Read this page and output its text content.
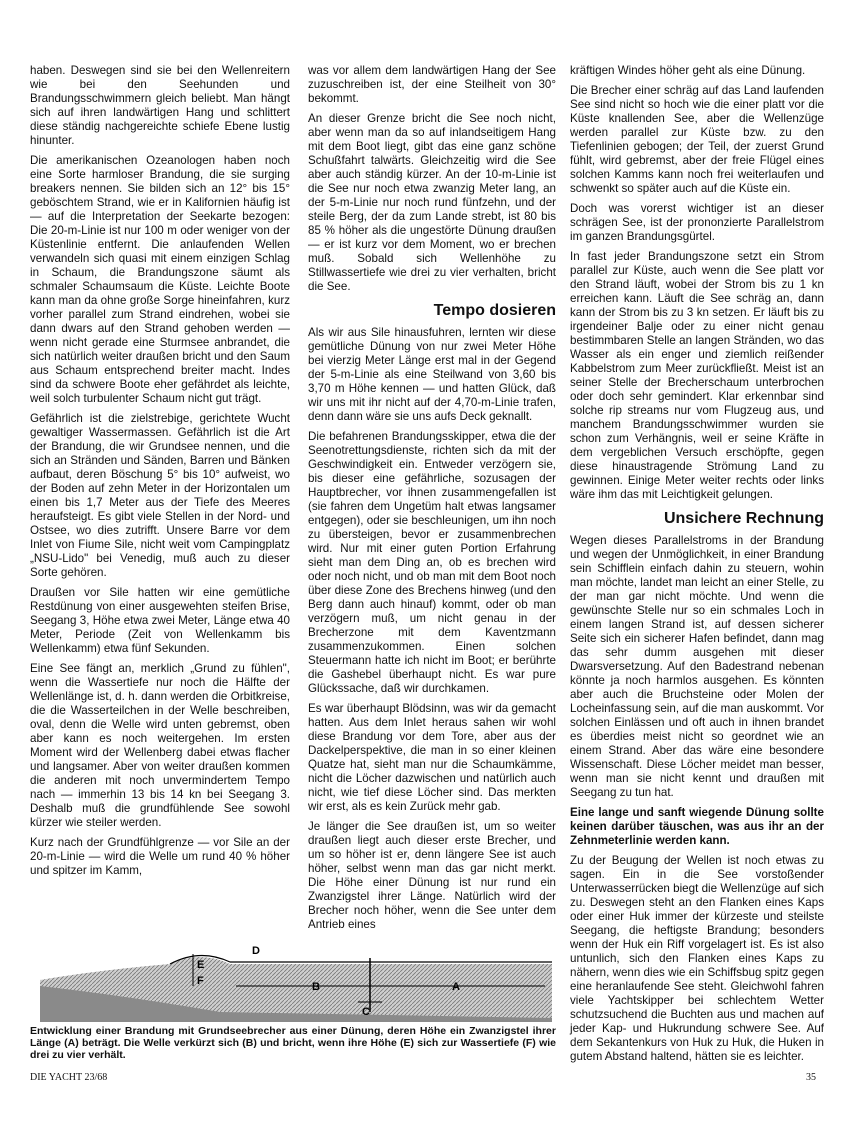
haben. Deswegen sind sie bei den Wellenreitern wie bei den Seehunden und Brandungsschwimmern gleich beliebt. Man hängt sich auf ihren landwärtigen Hang und schlittert diese ständig nachgereichte schiefe Ebene lustig hinunter.

Die amerikanischen Ozeanologen haben noch eine Sorte harmloser Brandung, die sie surging breakers nennen. Sie bilden sich an 12° bis 15° geböschtem Strand, wie er in Kalifornien häufig ist — auf die Interpretation der Seekarte bezogen: Die 20-m-Linie ist nur 100 m oder weniger von der Küstenlinie entfernt. Die anlaufenden Wellen verwandeln sich quasi mit einem einzigen Schlag in Schaum, die Brandungszone säumt als schmaler Schaumsaum die Küste. Leichte Boote kann man da ohne große Sorge hineinfahren, kurz vorher parallel zum Strand eindrehen, wobei sie dann dwars auf den Strand gehoben werden — wenn nicht gerade eine Sturmsee anbrandet, die sich natürlich weiter draußen bricht und den Saum aus Schaum entsprechend breiter macht. Indes sind da schwere Boote eher gefährdet als leichte, weil solch turbulenter Schaum nicht gut trägt.

Gefährlich ist die zielstrebige, gerichtete Wucht gewaltiger Wassermassen. Gefährlich ist die Art der Brandung, die wir Grundsee nennen, und die sich an Stränden und Sänden, Barren und Bänken aufbaut, deren Böschung 5° bis 10° aufweist, wo der Boden auf zehn Meter in der Horizontalen um einen bis 1,7 Meter aus der Tiefe des Meeres heraufsteigt. Es gibt viele Stellen in der Nord- und Ostsee, wo dies zutrifft. Unsere Barre vor dem Inlet von Fiume Sile, nicht weit vom Campingplatz „NSU-Lido" bei Venedig, muß auch zu dieser Sorte gehören.

Draußen vor Sile hatten wir eine gemütliche Restdünung von einer ausgewehten steifen Brise, Seegang 3, Höhe etwa zwei Meter, Länge etwa 40 Meter, Periode (Zeit von Wellenkamm bis Wellenkamm) etwa fünf Sekunden.

Eine See fängt an, merklich „Grund zu fühlen", wenn die Wassertiefe nur noch die Hälfte der Wellenlänge ist, d. h. dann werden die Orbitkreise, die die Wasserteilchen in der Welle beschreiben, oval, denn die Welle wird unten gebremst, oben aber kann es noch weitergehen. Im ersten Moment wird der Wellenberg dabei etwas flacher und langsamer. Aber von weiter draußen kommen die anderen mit noch unvermindertem Tempo nach — immerhin 13 bis 14 kn bei Seegang 3. Deshalb muß die grundfühlende See sowohl kürzer wie steiler werden.

Kurz nach der Grundfühlgrenze — vor Sile an der 20-m-Linie — wird die Welle um rund 40 % höher und spitzer im Kamm,

was vor allem dem landwärtigen Hang der See zuzuschreiben ist, der eine Steilheit von 30° bekommt.

An dieser Grenze bricht die See noch nicht, aber wenn man da so auf inlandseitigem Hang mit dem Boot liegt, gibt das eine ganz schöne Schußfahrt talwärts. Gleichzeitig wird die See aber auch ständig kürzer. An der 10-m-Linie ist die See nur noch etwa zwanzig Meter lang, an der 5-m-Linie nur noch rund fünfzehn, und der steile Berg, der da zum Lande strebt, ist 80 bis 85 % höher als die ungestörte Dünung draußen — er ist kurz vor dem Moment, wo er brechen muß. Sobald sich Wellenhöhe zu Stillwassertiefe wie drei zu vier verhalten, bricht die See.

Tempo dosieren

Als wir aus Sile hinausfuhren, lernten wir diese gemütliche Dünung von nur zwei Meter Höhe bei vierzig Meter Länge erst mal in der Gegend der 5-m-Linie als eine Steilwand von 3,60 bis 3,70 m Höhe kennen — und hatten Glück, daß wir uns mit ihr nicht auf der 4,70-m-Linie trafen, denn dann wäre sie uns aufs Deck geknallt.

Die befahrenen Brandungsskipper, etwa die der Seenotrettungsdienste, richten sich da mit der Geschwindigkeit ein. Entweder verzögern sie, bis dieser eine gefährliche, sozusagen der Hauptbrecher, vor ihnen zusammengefallen ist (sie fahren dem Ungetüm halt etwas langsamer entgegen), oder sie beschleunigen, um ihn noch zu übersteigen, bevor er zusammenbrechen wird. Nur mit einer guten Portion Erfahrung sieht man dem Ding an, ob es brechen wird oder noch nicht, und ob man mit dem Boot noch über diese Zone des Brechens hinweg (und den Berg dann auch hinauf) kommt, oder ob man verzögern muß, um nicht genau in der Brecherzone mit dem Kaventzmann zusammenzukommen. Einen solchen Steuermann hatte ich nicht im Boot; er berührte die Gashebel überhaupt nicht. Es war pure Glückssache, daß wir durchkamen.

Es war überhaupt Blödsinn, was wir da gemacht hatten. Aus dem Inlet heraus sahen wir wohl diese Brandung vor dem Tore, aber aus der Dackelperspektive, die man in so einer kleinen Quatze hat, sieht man nur die Schaumkämme, nicht die Löcher dazwischen und natürlich auch nicht, wie tief diese Löcher sind. Das merkten wir erst, als es kein Zurück mehr gab.

Je länger die See draußen ist, um so weiter draußen liegt auch dieser erste Brecher, und um so höher ist er, denn längere See ist auch höher, selbst wenn man das gar nicht merkt. Die Höhe einer Dünung ist nur rund ein Zwanzigstel ihrer Länge. Natürlich wird der Brecher noch höher, wenn die See unter dem Antrieb eines

kräftigen Windes höher geht als eine Dünung.

Die Brecher einer schräg auf das Land laufenden See sind nicht so hoch wie die einer platt vor die Küste knallenden See, aber die Wellenzüge werden parallel zur Küste bzw. zu den Tiefenlinien gebogen; der Teil, der zuerst Grund fühlt, wird gebremst, aber der freie Flügel eines solchen Kamms kann noch frei weiterlaufen und schwenkt so später auch auf die Küste ein.

Doch was vorerst wichtiger ist an dieser schrägen See, ist der prononzierte Parallelstrom im ganzen Brandungsgürtel.

In fast jeder Brandungszone setzt ein Strom parallel zur Küste, auch wenn die See platt vor den Strand läuft, wobei der Strom bis zu 1 kn erreichen kann. Läuft die See schräg an, dann kann der Strom bis zu 3 kn setzen. Er läuft bis zu irgendeiner Balje oder zu einer nicht genau bestimmbaren Stelle an langen Stränden, wo das Wasser als ein enger und ziemlich reißender Kabbelstrom zum Meer zurückfließt. Meist ist an seiner Stelle der Brecherschaum unterbrochen oder doch sehr gemindert. Klar erkennbar sind solche rip streams nur vom Flugzeug aus, und manchem Brandungsschwimmer wurden sie schon zum Verhängnis, weil er seine Kräfte in dem vergeblichen Versuch erschöpfte, gegen diese hinaustragende Strömung Land zu gewinnen. Einige Meter weiter rechts oder links wäre ihm das mit Leichtigkeit gelungen.

Unsichere Rechnung

Wegen dieses Parallelstroms in der Brandung und wegen der Unmöglichkeit, in einer Brandung sein Schifflein einfach dahin zu steuern, wohin man möchte, landet man leicht an einer Stelle, zu der man gar nicht möchte. Und wenn die gewünschte Stelle nur so ein schmales Loch in einem langen Strand ist, auf dessen sicherer Seite sich ein sicherer Hafen befindet, dann mag das sehr dumm ausgehen mit dieser Dwarsversetzung. Auf den Badestrand nebenan könnte ja noch harmlos ausgehen. Es könnten aber auch die Bruchsteine oder Molen der Locheinfassung sein, auf die man auskommt. Vor solchen Einlässen und oft auch in ihnen brandet es überdies meist nicht so geordnet wie an einem Strand. Aber das wäre eine besondere Wissenschaft. Diese Löcher meidet man besser, wenn man sie nicht kennt und draußen mit Seegang zu tun hat.

Eine lange und sanft wiegende Dünung sollte keinen darüber täuschen, was aus ihr an der Zehnmeterlinie werden kann.

Zu der Beugung der Wellen ist noch etwas zu sagen. Ein in die See vorstoßender Unterwasserrücken biegt die Wellenzüge auf sich zu. Deswegen steht an den Flanken eines Kaps oder einer Huk immer der kürzeste und steilste Seegang, die heftigste Brandung; besonders wenn der Huk ein Riff vorgelagert ist. Es ist also untunlich, sich den Flanken eines Kaps zu nähern, wenn dies wie ein Schiffsbug spitz gegen eine heranlaufende See steht. Gleichwohl fahren viele Yachtskipper bei schlechtem Wetter schutzsuchend die Buchten aus und machen auf jeder Kap- und Hukrundung schwere See. Auf dem Sekantenkurs von Huk zu Huk, die Huken in gutem Abstand haltend, hätten sie es leichter.

D
E
F	B	A
C
Entwicklung einer Brandung mit Grundseebrecher aus einer Dünung, deren Höhe ein Zwanzigstel ihrer Länge (A) beträgt. Die Welle verkürzt sich (B) und bricht, wenn ihre Höhe (E) sich zur Wassertiefe (F) wie drei zu vier verhält.
DIE YACHT 23/68	35
